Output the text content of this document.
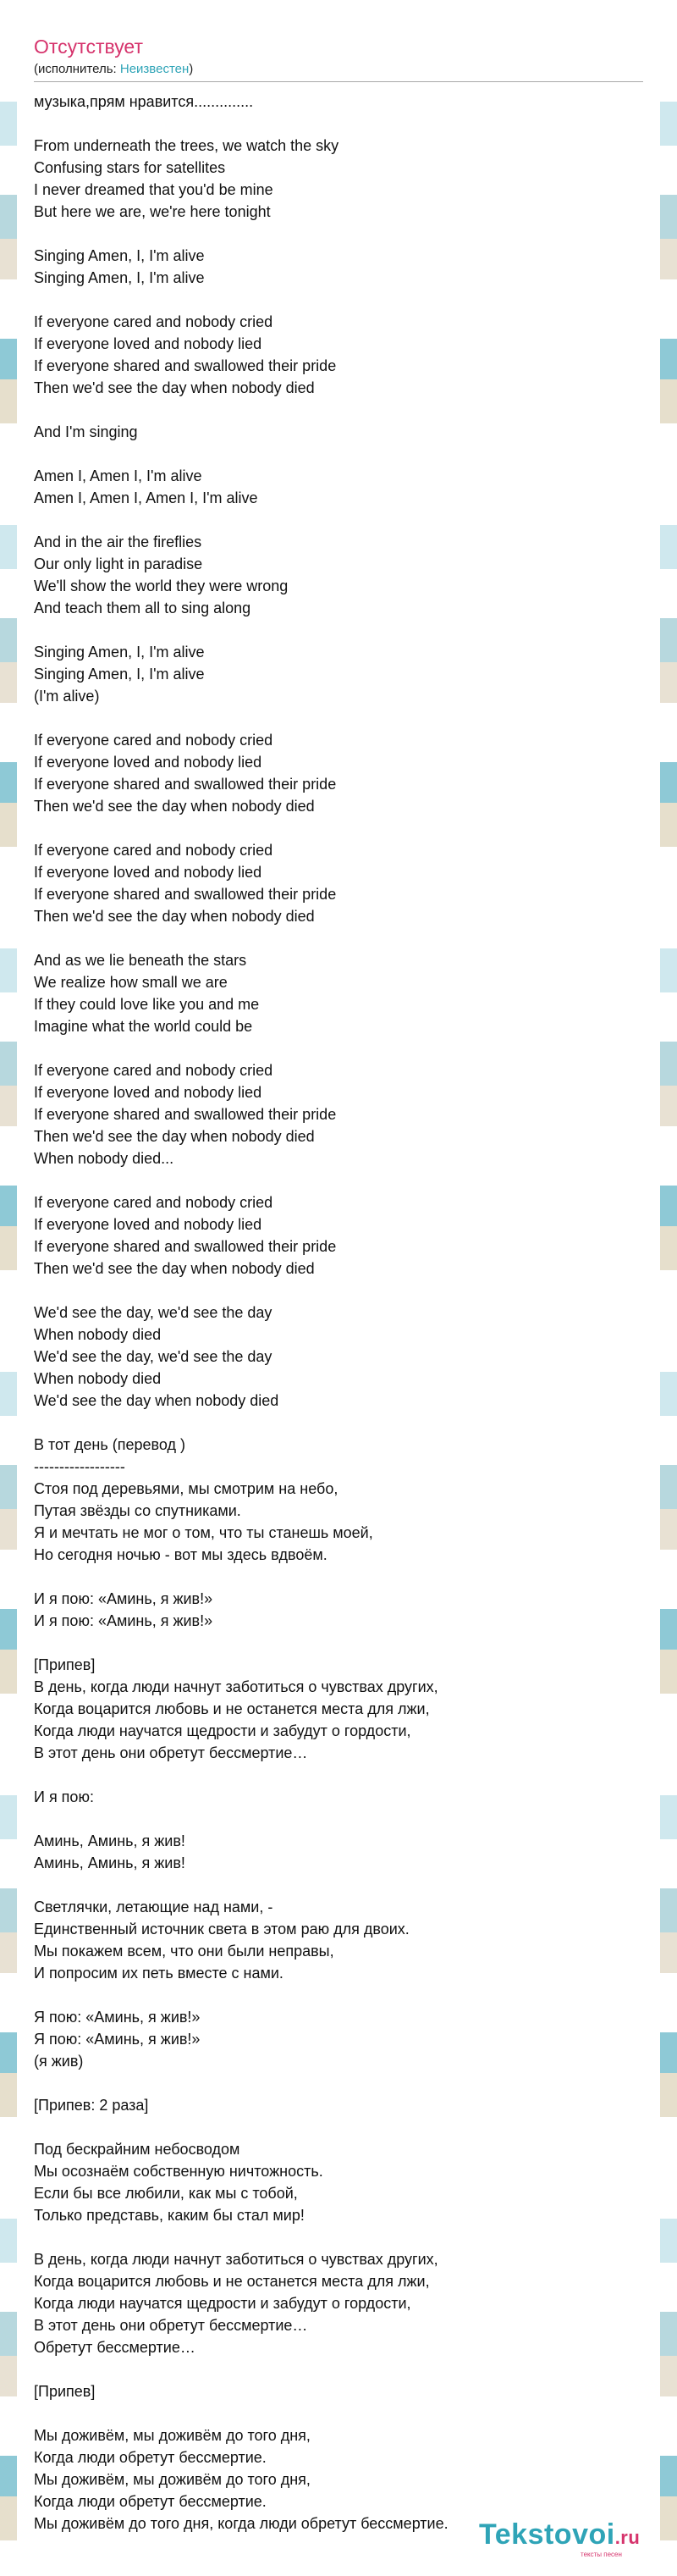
Отсутствует
(исполнитель: Неизвестен)
музыка,прям нравится..............

From underneath the trees, we watch the sky
Confusing stars for satellites
I never dreamed that you'd be mine
But here we are, we're here tonight

Singing Amen, I, I'm alive
Singing Amen, I, I'm alive

If everyone cared and nobody cried
If everyone loved and nobody lied
If everyone shared and swallowed their pride
Then we'd see the day when nobody died

And I'm singing

Amen I, Amen I, I'm alive
Amen I, Amen I, Amen I, I'm alive

And in the air the fireflies
Our only light in paradise
We'll show the world they were wrong
And teach them all to sing along

Singing Amen, I, I'm alive
Singing Amen, I, I'm alive
(I'm alive)

If everyone cared and nobody cried
If everyone loved and nobody lied
If everyone shared and swallowed their pride
Then we'd see the day when nobody died

If everyone cared and nobody cried
If everyone loved and nobody lied
If everyone shared and swallowed their pride
Then we'd see the day when nobody died

And as we lie beneath the stars
We realize how small we are
If they could love like you and me
Imagine what the world could be

If everyone cared and nobody cried
If everyone loved and nobody lied
If everyone shared and swallowed their pride
Then we'd see the day when nobody died
When nobody died...

If everyone cared and nobody cried
If everyone loved and nobody lied
If everyone shared and swallowed their pride
Then we'd see the day when nobody died

We'd see the day, we'd see the day
When nobody died
We'd see the day, we'd see the day
When nobody died
We'd see the day when nobody died

В тот день (перевод )
------------------
Стоя под деревьями, мы смотрим на небо,
Путая звёзды со спутниками.
Я и мечтать не мог о том, что ты станешь моей,
Но сегодня ночью - вот мы здесь вдвоём.

И я пою: «Аминь, я жив!»
И я пою: «Аминь, я жив!»

[Припев]
В день, когда люди начнут заботиться о чувствах других,
Когда воцарится любовь и не останется места для лжи,
Когда люди научатся щедрости и забудут о гордости,
В этот день они обретут бессмертие…

И я пою:

Аминь, Аминь, я жив!
Аминь, Аминь, я жив!

Светлячки, летающие над нами, -
Единственный источник света в этом раю для двоих.
Мы покажем всем, что они были неправы,
И попросим их петь вместе с нами.

Я пою: «Аминь, я жив!»
Я пою: «Аминь, я жив!»
(я жив)

[Припев: 2 раза]

Под бескрайним небосводом
Мы осознаём собственную ничтожность.
Если бы все любили, как мы с тобой,
Только представь, каким бы стал мир!

В день, когда люди начнут заботиться о чувствах других,
Когда воцарится любовь и не останется места для лжи,
Когда люди научатся щедрости и забудут о гордости,
В этот день они обретут бессмертие…
Обретут бессмертие…

[Припев]

Мы доживём, мы доживём до того дня,
Когда люди обретут бессмертие.
Мы доживём, мы доживём до того дня,
Когда люди обретут бессмертие.
Мы доживём до того дня, когда люди обретут бессмертие.	Tekstovoi.ru
тексты песен
